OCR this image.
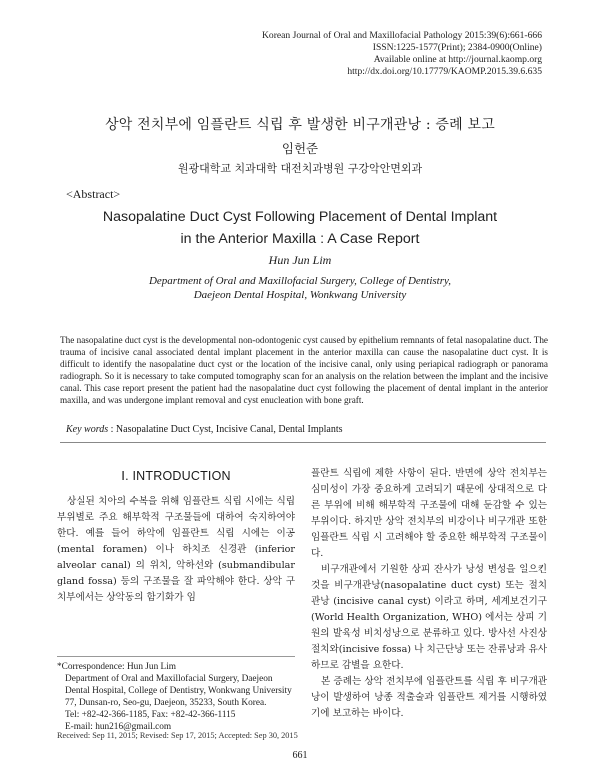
Korean Journal of Oral and Maxillofacial Pathology 2015:39(6):661-666
ISSN:1225-1577(Print); 2384-0900(Online)
Available online at http://journal.kaomp.org
http://dx.doi.org/10.17779/KAOMP.2015.39.6.635
상악 전치부에 임플란트 식립 후 발생한 비구개관낭 : 증례 보고
임헌준
원광대학교 치과대학 대전치과병원 구강악안면외과
<Abstract>
Nasopalatine Duct Cyst Following Placement of Dental Implant
in the Anterior Maxilla : A Case Report
Hun Jun Lim
Department of Oral and Maxillofacial Surgery, College of Dentistry,
Daejeon Dental Hospital, Wonkwang University
The nasopalatine duct cyst is the developmental non-odontogenic cyst caused by epithelium remnants of fetal nasopalatine duct. The trauma of incisive canal associated dental implant placement in the anterior maxilla can cause the nasopalatine duct cyst. It is difficult to identify the nasopalatine duct cyst or the location of the incisive canal, only using periapical radiograph or panorama radiograph. So it is necessary to take computed tomography scan for an analysis on the relation between the implant and the incisive canal. This case report present the patient had the nasopalatine duct cyst following the placement of dental implant in the anterior maxilla, and was undergone implant removal and cyst enucleation with bone graft.
Key words : Nasopalatine Duct Cyst, Incisive Canal, Dental Implants
Ⅰ. INTRODUCTION

상실된 치아의 수복을 위해 임플란트 식립 시에는 식립 부위별로 주요 해부학적 구조물들에 대하여 숙지하여야 한다. 예를 들어 하악에 임플란트 식립 시에는 이공 (mental foramen) 이나 하치조 신경관 (inferior alveolar canal) 의 위치, 악하선와 (submandibular gland fossa) 등의 구조물을 잘 파악해야 한다. 상악 구치부에서는 상악동의 함기화가 임

플란트 식립에 제한 사항이 된다. 반면에 상악 전치부는 심미성이 가장 중요하게 고려되기 때문에 상대적으로 다른 부위에 비해 해부학적 구조물에 대해 둔감할 수 있는 부위이다. 하지만 상악 전치부의 비강이나 비구개관 또한 임플란트 식립 시 고려해야 할 중요한 해부학적 구조물이다.

비구개관에서 기원한 상피 잔사가 낭성 변성을 일으킨 것을 비구개관낭(nasopalatine duct cyst) 또는 절치관낭 (incisive canal cyst) 이라고 하며, 세계보건기구 (World Health Organization, WHO) 에서는 상피 기원의 발육성 비치성낭으로 분류하고 있다. 방사선 사진상 절치와(incisive fossa) 나 치근단낭 또는 잔류낭과 유사하므로 감별을 요한다.

본 증례는 상악 전치부에 임플란트를 식립 후 비구개관낭이 발생하여 낭종 적출술과 임플란트 제거를 시행하였기에 보고하는 바이다.

*Correspondence: Hun Jun Lim
Department of Oral and Maxillofacial Surgery, Daejeon
Dental Hospital, College of Dentistry, Wonkwang University
77, Dunsan-ro, Seo-gu, Daejeon, 35233, South Korea.
Tel: +82-42-366-1185, Fax: +82-42-366-1115
E-mail: hun216@gmail.com
Received: Sep 11, 2015; Revised: Sep 17, 2015; Accepted: Sep 30, 2015
661
